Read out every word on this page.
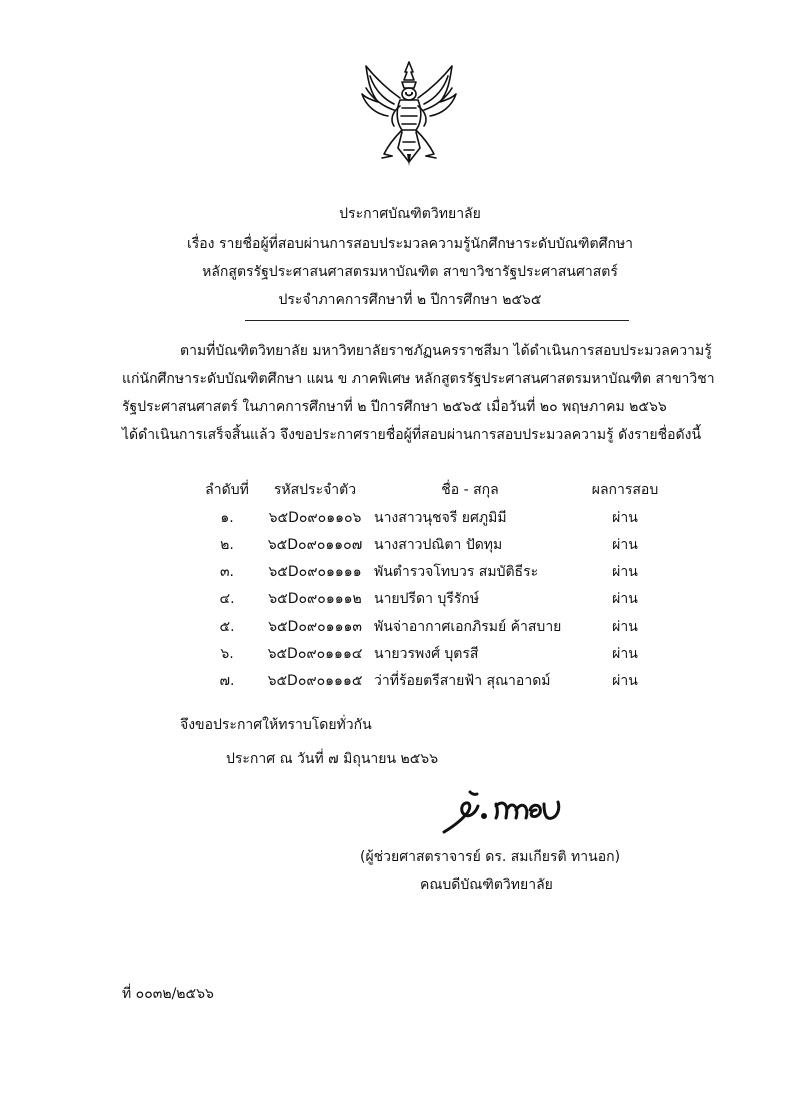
ประกาศบัณฑิตวิทยาลัย
เรื่อง รายชื่อผู้ที่สอบผ่านการสอบประมวลความรู้นักศึกษาระดับบัณฑิตศึกษา
หลักสูตรรัฐประศาสนศาสตรมหาบัณฑิต สาขาวิชารัฐประศาสนศาสตร์
ประจำภาคการศึกษาที่ ๒ ปีการศึกษา ๒๕๖๕
ตามที่บัณฑิตวิทยาลัย มหาวิทยาลัยราชภัฏนครราชสีมา ได้ดำเนินการสอบประมวลความรู้
แก่นักศึกษาระดับบัณฑิตศึกษา แผน ข ภาคพิเศษ หลักสูตรรัฐประศาสนศาสตรมหาบัณฑิต สาขาวิชา
รัฐประศาสนศาสตร์ ในภาคการศึกษาที่ ๒ ปีการศึกษา ๒๕๖๕ เมื่อวันที่ ๒๐ พฤษภาคม ๒๕๖๖
ได้ดำเนินการเสร็จสิ้นแล้ว จึงขอประกาศรายชื่อผู้ที่สอบผ่านการสอบประมวลความรู้ ดังรายชื่อดังนี้
ลำดับที่	รหัสประจำตัว	ชื่อ - สกุล	ผลการสอบ
๑.	๖๕D๐๙๐๑๑๐๖ นางสาวนุชจรี ยศภูมิมี	ผ่าน
๒.	๖๕D๐๙๐๑๑๐๗ นางสาวปณิตา ปัดทุม	ผ่าน
๓.	๖๕D๐๙๐๑๑๑๑ พันตำรวจโทบวร สมบัติธีระ	ผ่าน
๔.	๖๕D๐๙๐๑๑๑๒ นายปรีดา บุรีรักษ์	ผ่าน
๕.	๖๕D๐๙๐๑๑๑๓ พันจ่าอากาศเอกภิรมย์ ค้าสบาย	ผ่าน
๖.	๖๕D๐๙๐๑๑๑๔ นายวรพงศ์ บุตรสี	ผ่าน
๗.	๖๕D๐๙๐๑๑๑๕ ว่าที่ร้อยตรีสายฟ้า สุณาอาดม์	ผ่าน
จึงขอประกาศให้ทราบโดยทั่วกัน
ประกาศ ณ วันที่ ๗ มิถุนายน ๒๕๖๖
(ผู้ช่วยศาสตราจารย์ ดร. สมเกียรติ ทานอก)
คณบดีบัณฑิตวิทยาลัย
ที่ ๐๐๓๒/๒๕๖๖
